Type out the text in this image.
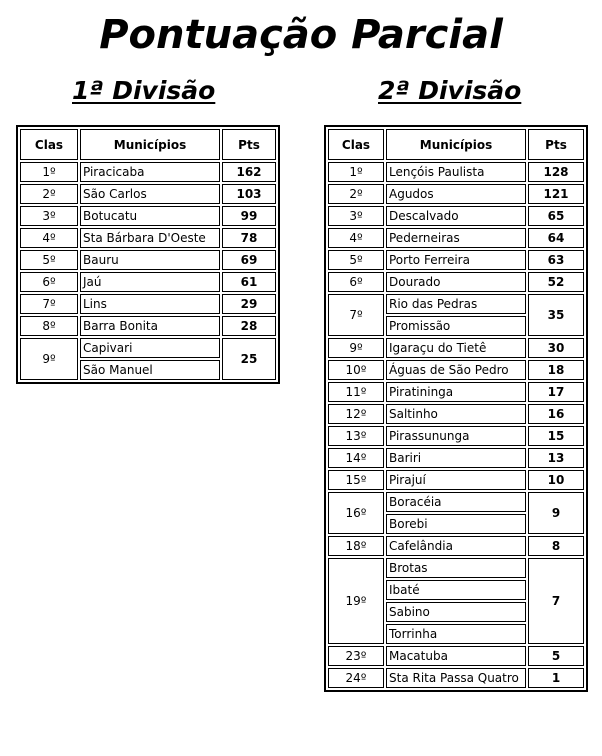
Pontuação Parcial
1ª Divisão	2ª Divisão
Clas	Municípios	Pts
1º	Piracicaba	162
2º	São Carlos	103
3º	Botucatu	99
4º	Sta Bárbara D'Oeste	78
5º	Bauru	69
6º	Jaú	61
7º	Lins	29
8º	Barra Bonita	28
9º	Capivari	25
	São Manuel	
Clas	Municípios	Pts
1º	Lençóis Paulista	128
2º	Agudos	121
3º	Descalvado	65
4º	Pederneiras	64
5º	Porto Ferreira	63
6º	Dourado	52
7º	Rio das Pedras	35
	Promissão	
9º	Igaraçu do Tietê	30
10º	Águas de São Pedro	18
11º	Piratininga	17
12º	Saltinho	16
13º	Pirassununga	15
14º	Bariri	13
15º	Pirajuí	10
16º	Boracéia	9
	Borebi	
18º	Cafelândia	8
19º	Brotas	7
	Ibaté	
	Sabino	
	Torrinha	
23º	Macatuba	5
24º	Sta Rita Passa Quatro	1
